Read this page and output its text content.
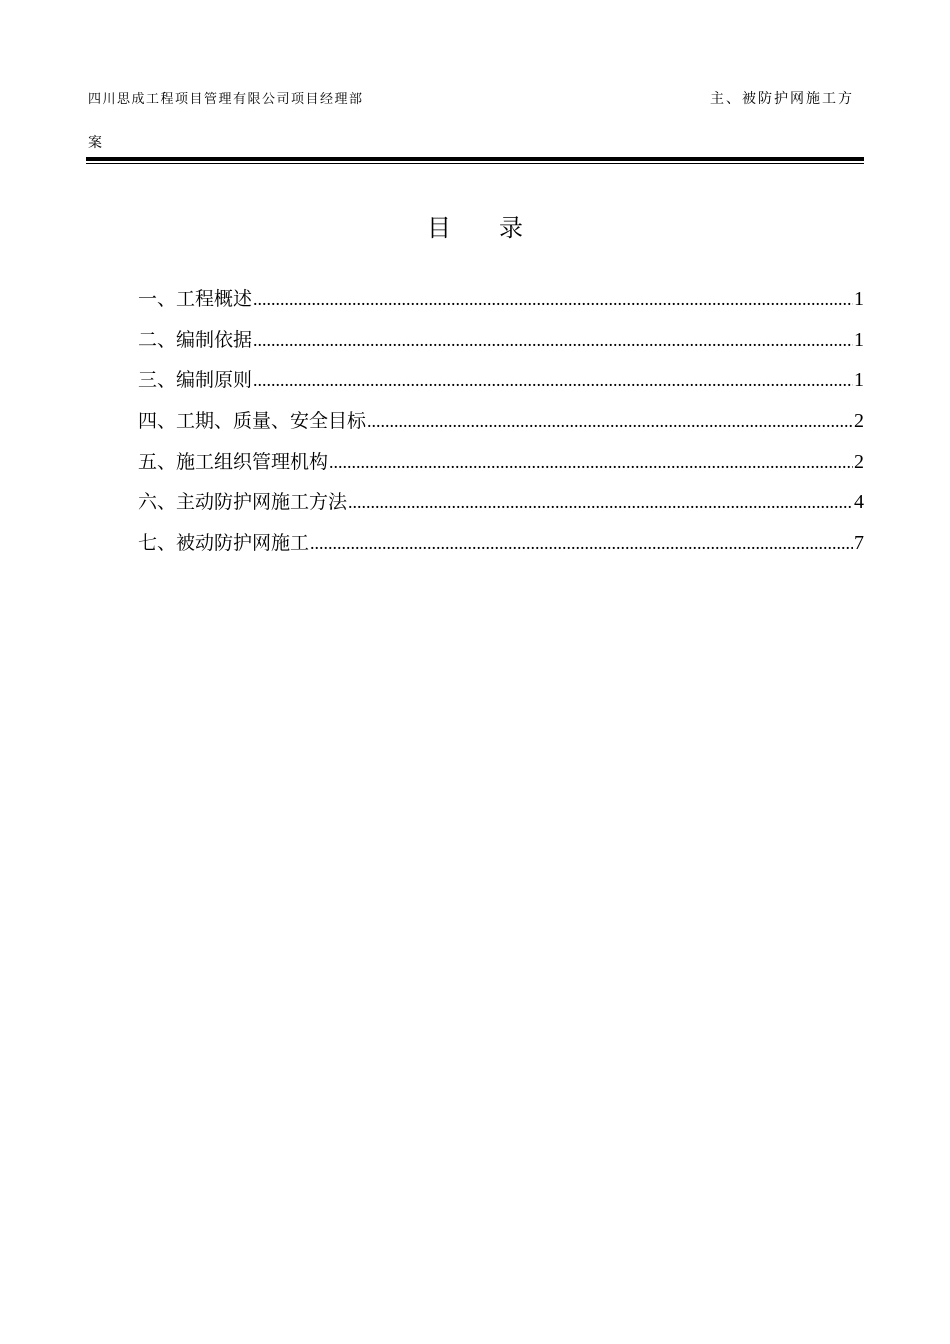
四川思成工程项目管理有限公司项目经理部	主、被防护网施工方
案
目录
一、工程概述 .....	1
二、编制依据 .....	1
三、编制原则 .....	1
四、工期、质量、安全目标 .....	2
五、施工组织管理机构 .....	2
六、主动防护网施工方法 .....	4
七、被动防护网施工 .....	7
